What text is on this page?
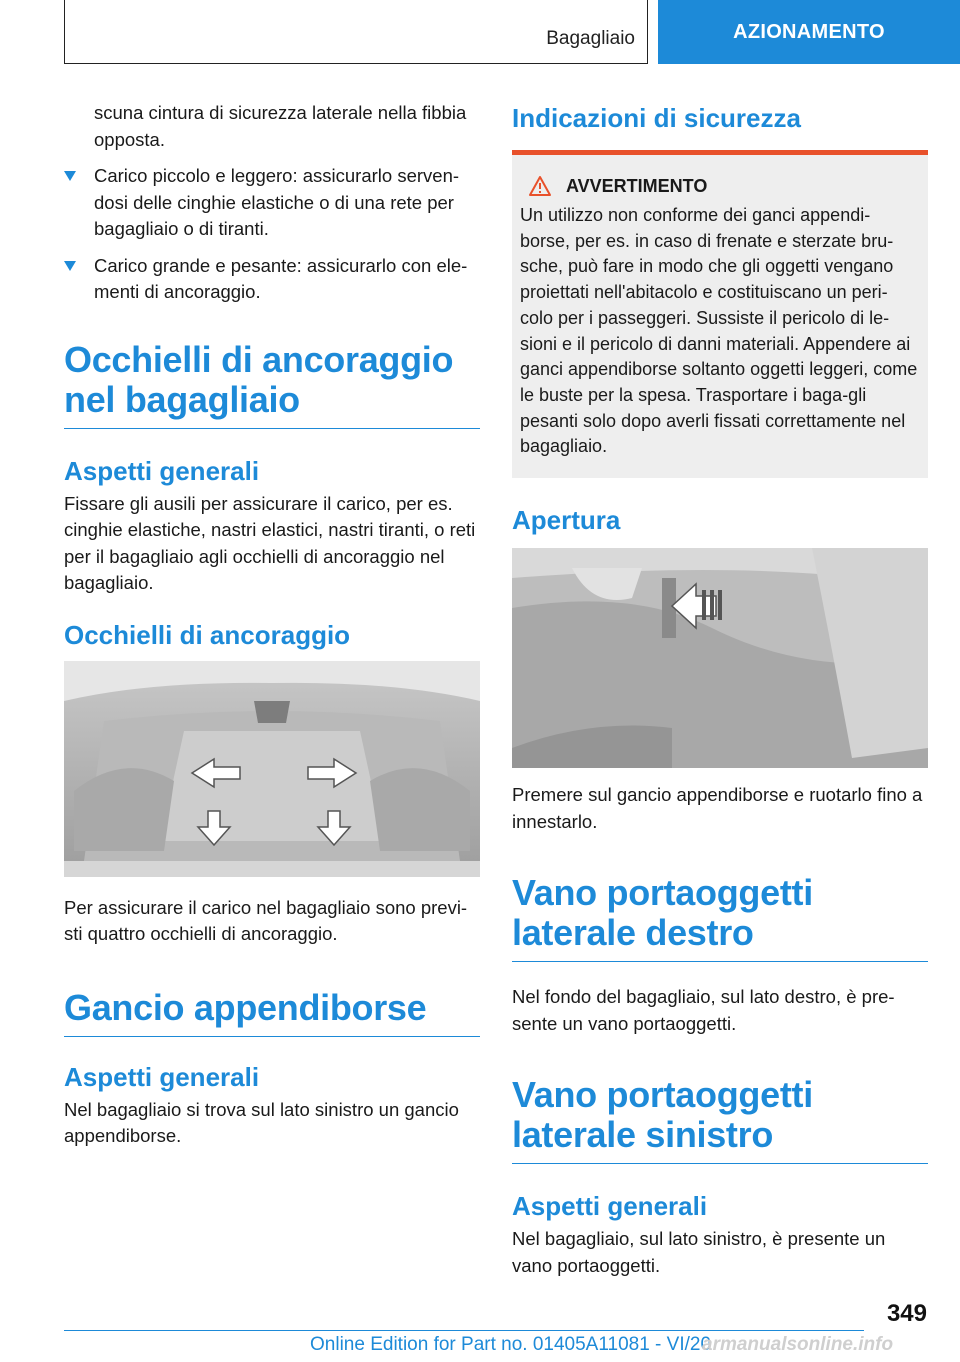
Bagagliaio	AZIONAMENTO

scuna cintura di sicurezza laterale nella fibbia opposta.

Carico piccolo e leggero: assicurarlo serven-dosi delle cinghie elastiche o di una rete per bagagliaio o di tiranti.

Carico grande e pesante: assicurarlo con ele-menti di ancoraggio.

Occhielli di ancoraggio nel bagagliaio
Aspetti generali

Fissare gli ausili per assicurare il carico, per es. cinghie elastiche, nastri elastici, nastri tiranti, o reti per il bagagliaio agli occhielli di ancoraggio nel bagagliaio.

Occhielli di ancoraggio

Per assicurare il carico nel bagagliaio sono previ-sti quattro occhielli di ancoraggio.

Gancio appendiborse
Aspetti generali

Nel bagagliaio si trova sul lato sinistro un gancio appendiborse.

Indicazioni di sicurezza
AVVERTIMENTO

Un utilizzo non conforme dei ganci appendi-borse, per es. in caso di frenate e sterzate bru-sche, può fare in modo che gli oggetti vengano proiettati nell'abitacolo e costituiscano un peri-colo per i passeggeri. Sussiste il pericolo di le-sioni e il pericolo di danni materiali. Appendere ai ganci appendiborse soltanto oggetti leggeri, come le buste per la spesa. Trasportare i baga-gli pesanti solo dopo averli fissati correttamente nel bagagliaio.

Apertura

Premere sul gancio appendiborse e ruotarlo fino a innestarlo.

Vano portaoggetti laterale destro

Nel fondo del bagagliaio, sul lato destro, è pre-sente un vano portaoggetti.

Vano portaoggetti laterale sinistro
Aspetti generali

Nel bagagliaio, sul lato sinistro, è presente un vano portaoggetti.

349
Online Edition for Part no. 01405A11081 - VI/20
armanualsonline.info
